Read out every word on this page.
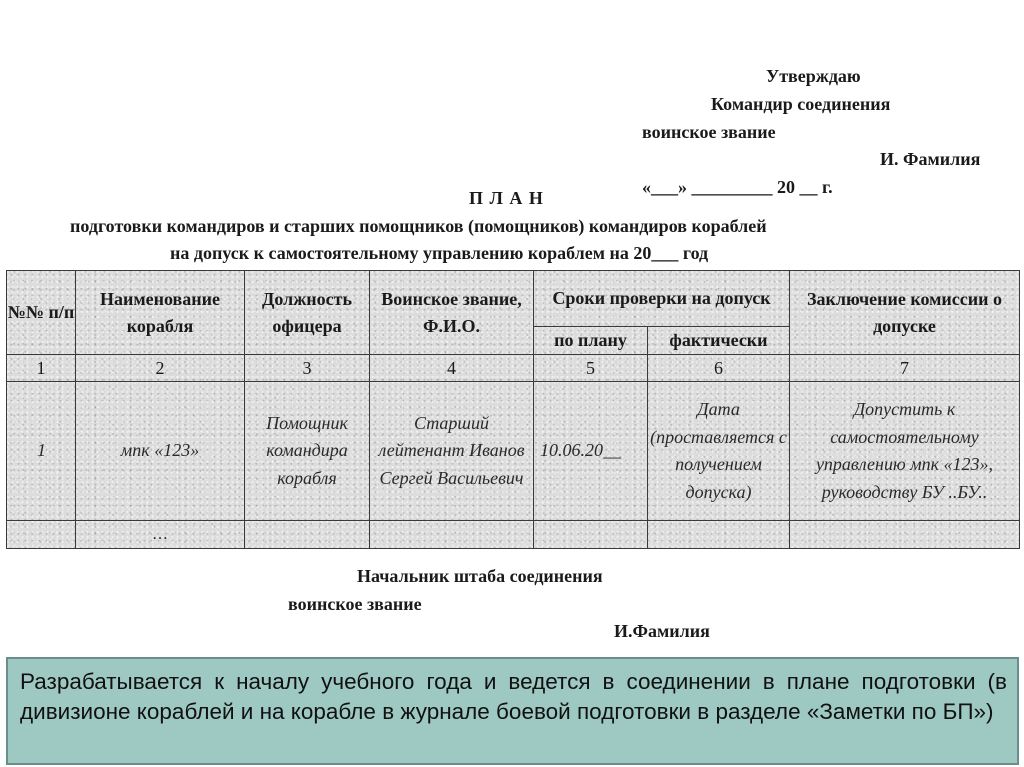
Утверждаю
Командир соединения
воинское звание
И. Фамилия
«___» _________ 20 __ г.
П Л А Н
подготовки командиров и старших помощников (помощников) командиров кораблей
на допуск к самостоятельному управлению кораблем на 20___ год
№№ п/п	Наименование корабля	Должность офицера	Воинское звание, Ф.И.О.	Сроки проверки на допуск		Заключение комиссии о допуске
				по плану	фактически	
1	2	3	4	5	6	7
1	мпк «123»	Помощник командира корабля	Старший лейтенант Иванов Сергей Васильевич	10.06.20__	Дата (проставляется с получением допуска)	Допустить к самостоятельному управлению мпк «123», руководству БУ ..БУ..
	…					
Начальник штаба соединения
воинское звание
И.Фамилия
Разрабатывается к началу учебного года и ведется в соединении в плане подготовки (в дивизионе кораблей и на корабле в журнале боевой подготовки в разделе «Заметки по БП»)
